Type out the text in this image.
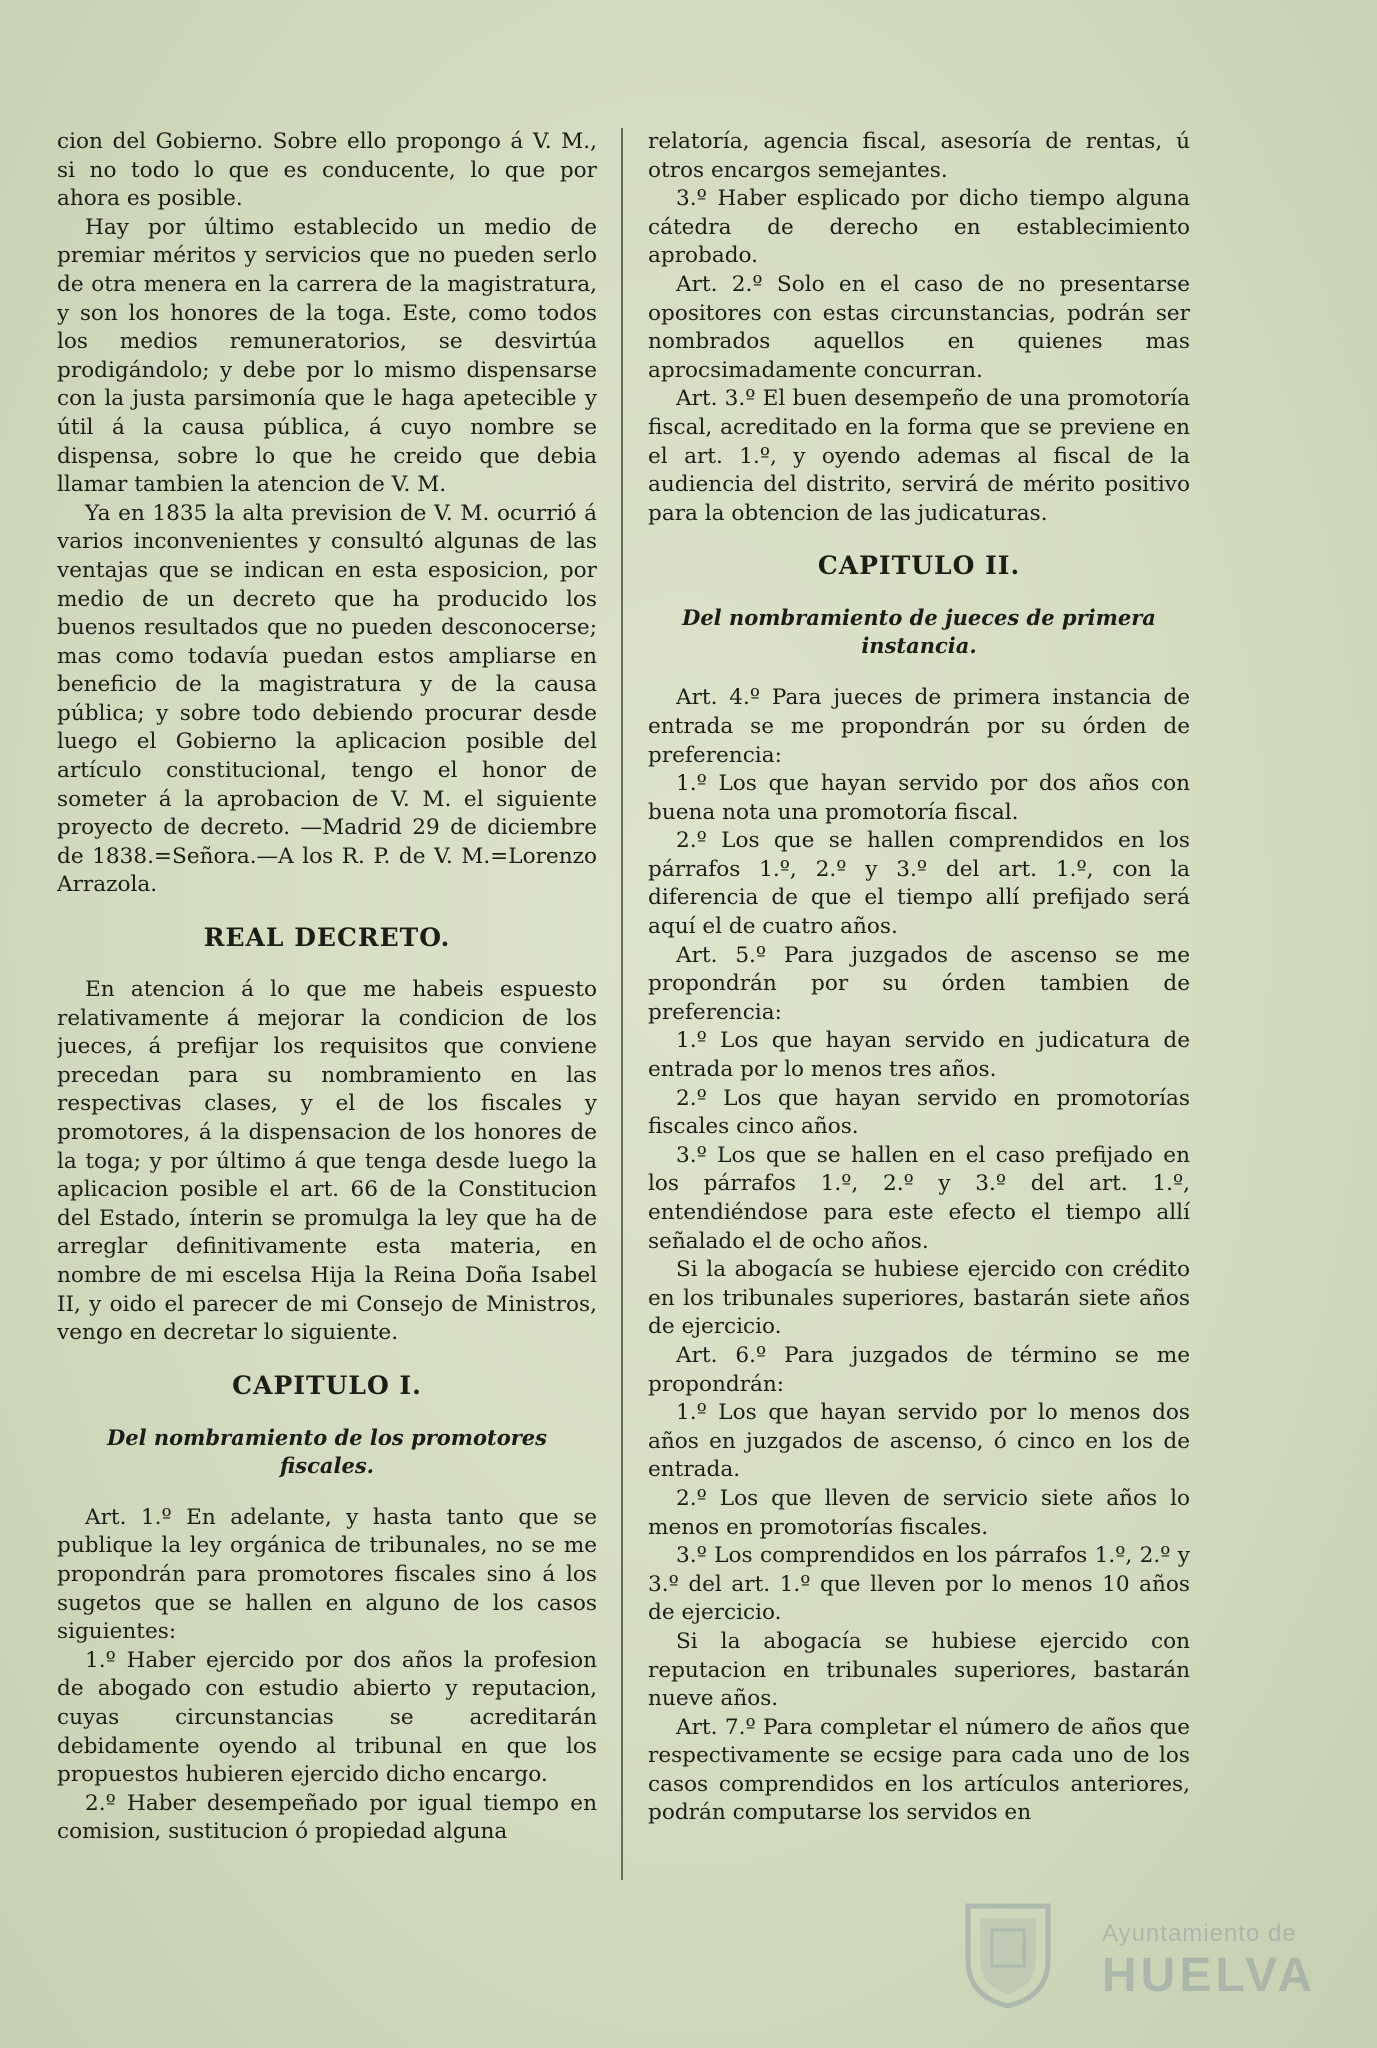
cion del Gobierno. Sobre ello propongo á V. M., si no todo lo que es conducente, lo que por ahora es posible.

Hay por último establecido un medio de premiar méritos y servicios que no pueden serlo de otra menera en la carrera de la magistratura, y son los honores de la toga. Este, como todos los medios remuneratorios, se desvirtúa prodigándolo; y debe por lo mismo dispensarse con la justa parsimonía que le haga apetecible y útil á la causa pública, á cuyo nombre se dispensa, sobre lo que he creido que debia llamar tambien la atencion de V. M.

Ya en 1835 la alta prevision de V. M. ocurrió á varios inconvenientes y consultó algunas de las ventajas que se indican en esta esposicion, por medio de un decreto que ha producido los buenos resultados que no pueden desconocerse; mas como todavía puedan estos ampliarse en beneficio de la magistratura y de la causa pública; y sobre todo debiendo procurar desde luego el Gobierno la aplicacion posible del artículo constitucional, tengo el honor de someter á la aprobacion de V. M. el siguiente proyecto de decreto. —Madrid 29 de diciembre de 1838.=Señora.—A los R. P. de V. M.=Lorenzo Arrazola.

REAL DECRETO.

En atencion á lo que me habeis espuesto relativamente á mejorar la condicion de los jueces, á prefijar los requisitos que conviene precedan para su nombramiento en las respectivas clases, y el de los fiscales y promotores, á la dispensacion de los honores de la toga; y por último á que tenga desde luego la aplicacion posible el art. 66 de la Constitucion del Estado, ínterin se promulga la ley que ha de arreglar definitivamente esta materia, en nombre de mi escelsa Hija la Reina Doña Isabel II, y oido el parecer de mi Consejo de Ministros, vengo en decretar lo siguiente.

CAPITULO I.
Del nombramiento de los promotores fiscales.

Art. 1.º En adelante, y hasta tanto que se publique la ley orgánica de tribunales, no se me propondrán para promotores fiscales sino á los sugetos que se hallen en alguno de los casos siguientes:

1.º Haber ejercido por dos años la profesion de abogado con estudio abierto y reputacion, cuyas circunstancias se acreditarán debidamente oyendo al tribunal en que los propuestos hubieren ejercido dicho encargo.

2.º Haber desempeñado por igual tiempo en comision, sustitucion ó propiedad alguna

relatoría, agencia fiscal, asesoría de rentas, ú otros encargos semejantes.

3.º Haber esplicado por dicho tiempo alguna cátedra de derecho en establecimiento aprobado.

Art. 2.º Solo en el caso de no presentarse opositores con estas circunstancias, podrán ser nombrados aquellos en quienes mas aprocsimadamente concurran.

Art. 3.º El buen desempeño de una promotoría fiscal, acreditado en la forma que se previene en el art. 1.º, y oyendo ademas al fiscal de la audiencia del distrito, servirá de mérito positivo para la obtencion de las judicaturas.

CAPITULO II.
Del nombramiento de jueces de primera instancia.

Art. 4.º Para jueces de primera instancia de entrada se me propondrán por su órden de preferencia:

1.º Los que hayan servido por dos años con buena nota una promotoría fiscal.

2.º Los que se hallen comprendidos en los párrafos 1.º, 2.º y 3.º del art. 1.º, con la diferencia de que el tiempo allí prefijado será aquí el de cuatro años.

Art. 5.º Para juzgados de ascenso se me propondrán por su órden tambien de preferencia:

1.º Los que hayan servido en judicatura de entrada por lo menos tres años.

2.º Los que hayan servido en promotorías fiscales cinco años.

3.º Los que se hallen en el caso prefijado en los párrafos 1.º, 2.º y 3.º del art. 1.º, entendiéndose para este efecto el tiempo allí señalado el de ocho años.

Si la abogacía se hubiese ejercido con crédito en los tribunales superiores, bastarán siete años de ejercicio.

Art. 6.º Para juzgados de término se me propondrán:

1.º Los que hayan servido por lo menos dos años en juzgados de ascenso, ó cinco en los de entrada.

2.º Los que lleven de servicio siete años lo menos en promotorías fiscales.

3.º Los comprendidos en los párrafos 1.º, 2.º y 3.º del art. 1.º que lleven por lo menos 10 años de ejercicio.

Si la abogacía se hubiese ejercido con reputacion en tribunales superiores, bastarán nueve años.

Art. 7.º Para completar el número de años que respectivamente se ecsige para cada uno de los casos comprendidos en los artículos anteriores, podrán computarse los servidos en

Ayuntamiento de
HUELVA
